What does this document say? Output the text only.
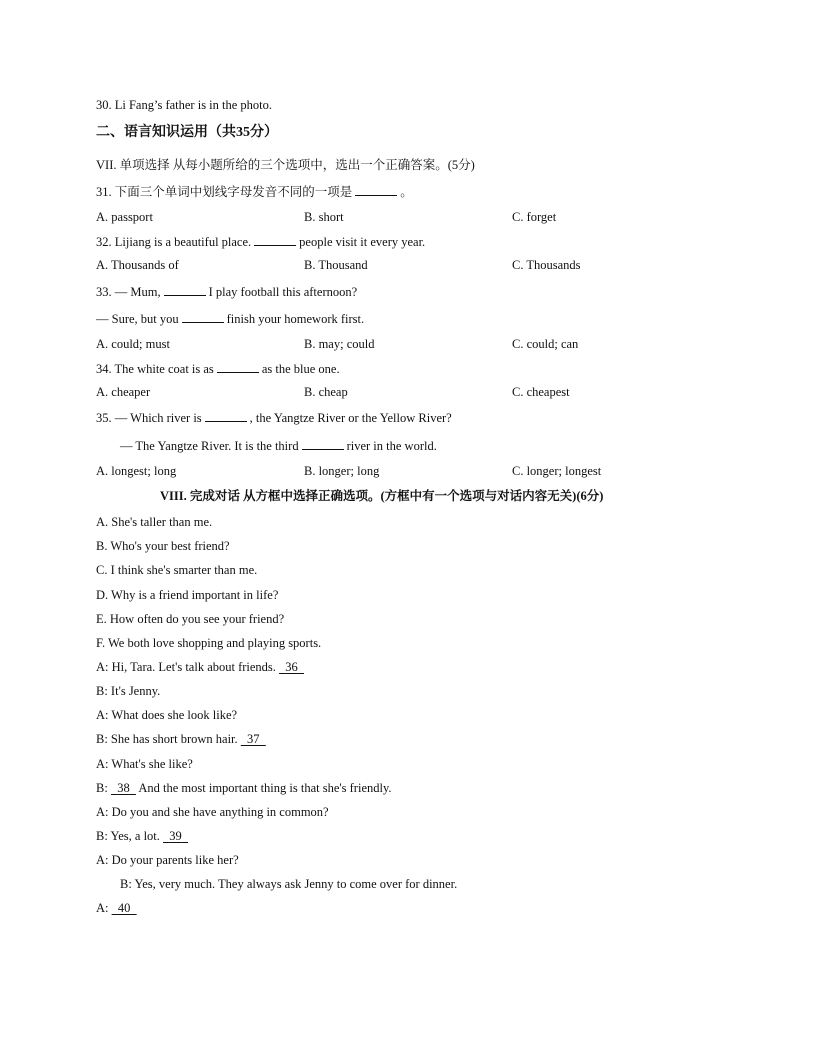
30. Li Fang’s father is in the photo.
二、语言知识运用（共35分）
VII. 单项选择 从每小题所给的三个选项中，选出一个正确答案。(5分)
31. 下面三个单词中划线字母发音不同的一项是	。
A. passport	B. short	C. forget
32. Lijiang is a beautiful place.	people visit it every year.
A. Thousands of	B. Thousand	C. Thousands
33. — Mum,	I play football this afternoon?
— Sure, but you	finish your homework first.
A. could; must	B. may; could	C. could; can
34. The white coat is as	as the blue one.
A. cheaper	B. cheap	C. cheapest
35. — Which river is	, the Yangtze River or the Yellow River?
— The Yangtze River. It is the third	river in the world.
A. longest; long	B. longer; long	C. longer; longest
VIII. 完成对话 从方框中选择正确选项。(方框中有一个选项与对话内容无关)(6分)
A. She's taller than me.
B. Who's your best friend?
C. I think she's smarter than me.
D. Why is a friend important in life?
E. How often do you see your friend?
F. We both love shopping and playing sports.
A: Hi, Tara. Let's talk about friends. 36
B: It's Jenny.
A: What does she look like?
B: She has short brown hair. 37
A: What's she like?
B: 38 And the most important thing is that she's friendly.
A: Do you and she have anything in common?
B: Yes, a lot. 39
A: Do your parents like her?
B: Yes, very much. They always ask Jenny to come over for dinner.
A: 40
